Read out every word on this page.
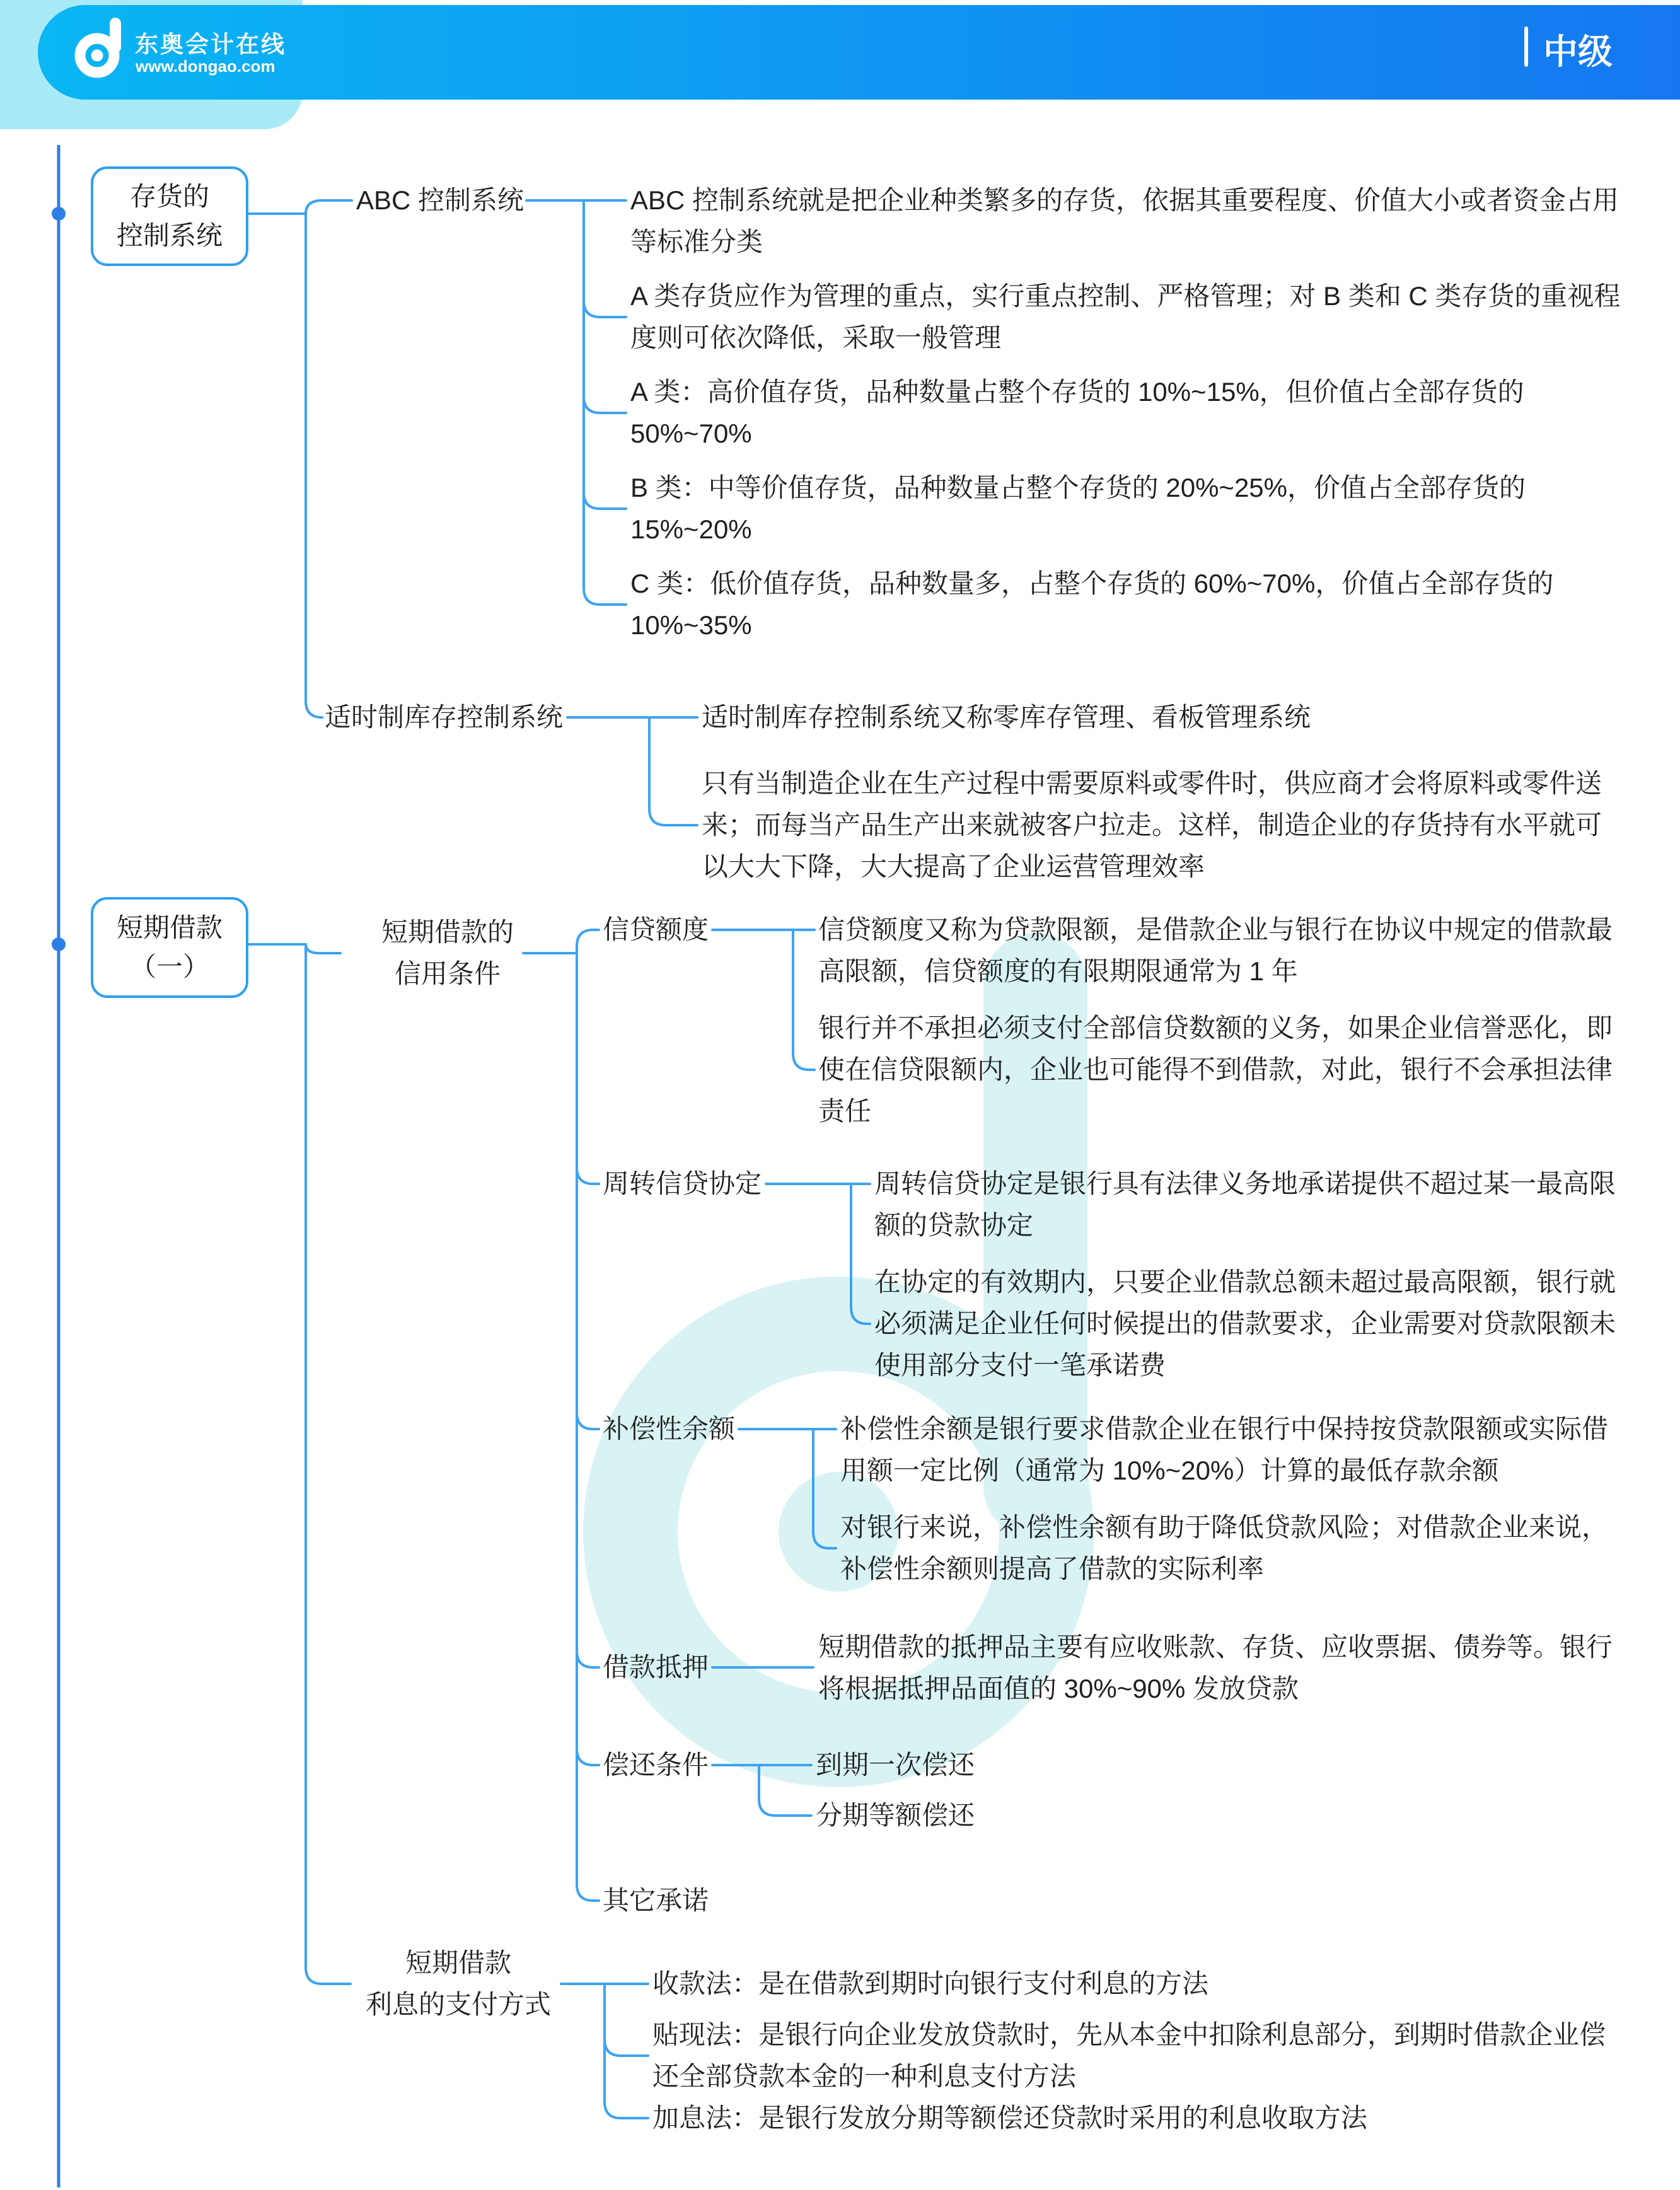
东奥会计在线
www.dongao.com	中级
存货的
控制系统
短期借款
（一）
ABC 控制系统	ABC 控制系统就是把企业种类繁多的存货，依据其重要程度、价值大小或者资金占用
等标准分类
A 类存货应作为管理的重点，实行重点控制、严格管理；对 B 类和 C 类存货的重视程
度则可依次降低，采取一般管理
A 类：高价值存货，品种数量占整个存货的 10%~15%，但价值占全部存货的
50%~70%
B 类：中等价值存货，品种数量占整个存货的 20%~25%，价值占全部存货的
15%~20%
C 类：低价值存货，品种数量多，占整个存货的 60%~70%，价值占全部存货的
10%~35%
适时制库存控制系统	适时制库存控制系统又称零库存管理、看板管理系统
只有当制造企业在生产过程中需要原料或零件时，供应商才会将原料或零件送
来；而每当产品生产出来就被客户拉走。这样，制造企业的存货持有水平就可
以大大下降，大大提高了企业运营管理效率
短期借款的
信用条件
信贷额度	信贷额度又称为贷款限额，是借款企业与银行在协议中规定的借款最
高限额，信贷额度的有限期限通常为 1 年
银行并不承担必须支付全部信贷数额的义务，如果企业信誉恶化，即
使在信贷限额内，企业也可能得不到借款，对此，银行不会承担法律
责任
周转信贷协定	周转信贷协定是银行具有法律义务地承诺提供不超过某一最高限
额的贷款协定
在协定的有效期内，只要企业借款总额未超过最高限额，银行就
必须满足企业任何时候提出的借款要求，企业需要对贷款限额未
使用部分支付一笔承诺费
补偿性余额	补偿性余额是银行要求借款企业在银行中保持按贷款限额或实际借
用额一定比例（通常为 10%~20%）计算的最低存款余额
对银行来说，补偿性余额有助于降低贷款风险；对借款企业来说，
补偿性余额则提高了借款的实际利率
借款抵押
短期借款的抵押品主要有应收账款、存货、应收票据、债券等。银行
将根据抵押品面值的 30%~90% 发放贷款
偿还条件	到期一次偿还
分期等额偿还
其它承诺
短期借款
利息的支付方式
收款法：是在借款到期时向银行支付利息的方法
贴现法：是银行向企业发放贷款时，先从本金中扣除利息部分，到期时借款企业偿
还全部贷款本金的一种利息支付方法
加息法：是银行发放分期等额偿还贷款时采用的利息收取方法
